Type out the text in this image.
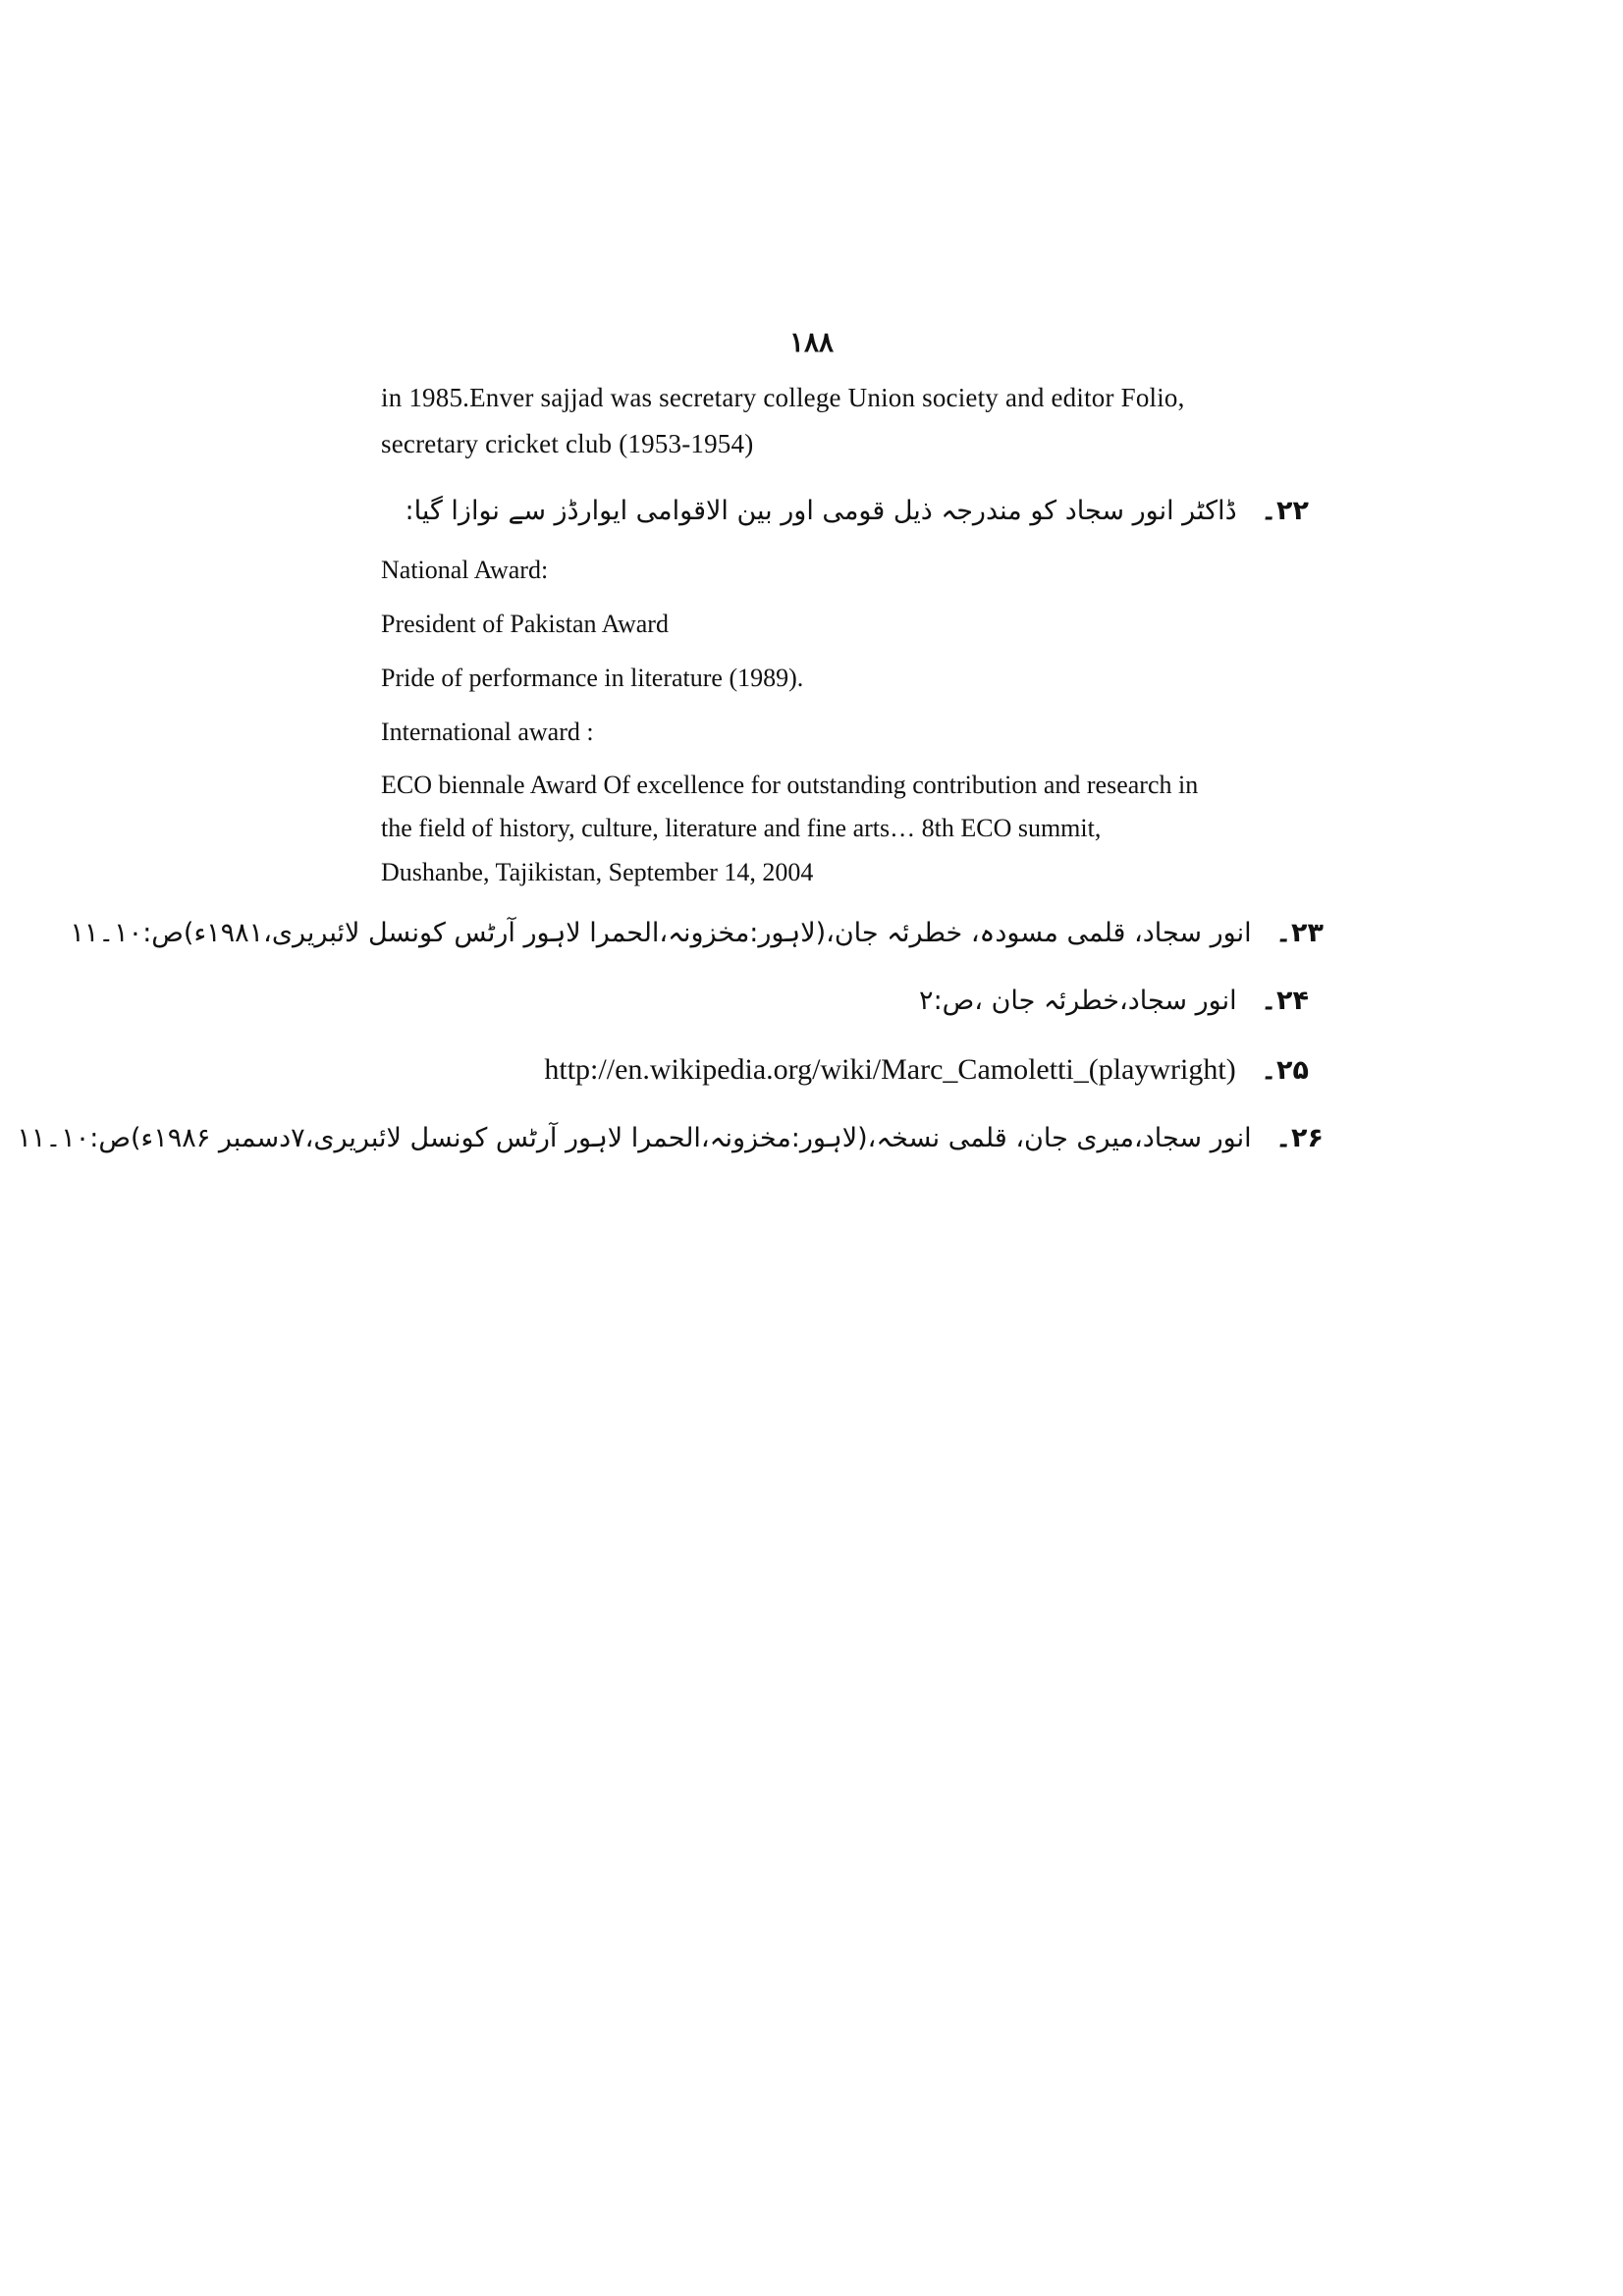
۱۸۸
in 1985.Enver sajjad was secretary college Union society and editor Folio,
secretary cricket club (1953-1954)
۲۲۔ ڈاکٹر انور سجاد کو مندرجہ ذیل قومی اور بین الاقوامی ایوارڈز سے نوازا گیا:
National Award:
President of Pakistan Award
Pride of performance in literature (1989).
International award :
ECO biennale Award Of excellence for outstanding contribution and research in
the field of history, culture, literature and fine arts… 8th ECO summit,
Dushanbe, Tajikistan, September 14, 2004
۲۳۔ انور سجاد، قلمی مسودہ، خطرئہ جان،(لاہور:مخزونہ،الحمرا لاہور آرٹس کونسل لائبریری،۱۹۸۱ء)ص:۱۰۔۱۱
۲۴۔ انور سجاد،خطرئہ جان ،ص:۲
۲۵۔ http://en.wikipedia.org/wiki/Marc_Camoletti_(playwright)
۲۶۔ انور سجاد،میری جان، قلمی نسخہ،(لاہور:مخزونہ،الحمرا لاہور آرٹس کونسل لائبریری،۷دسمبر ۱۹۸۶ء)ص:۱۰۔۱۱
